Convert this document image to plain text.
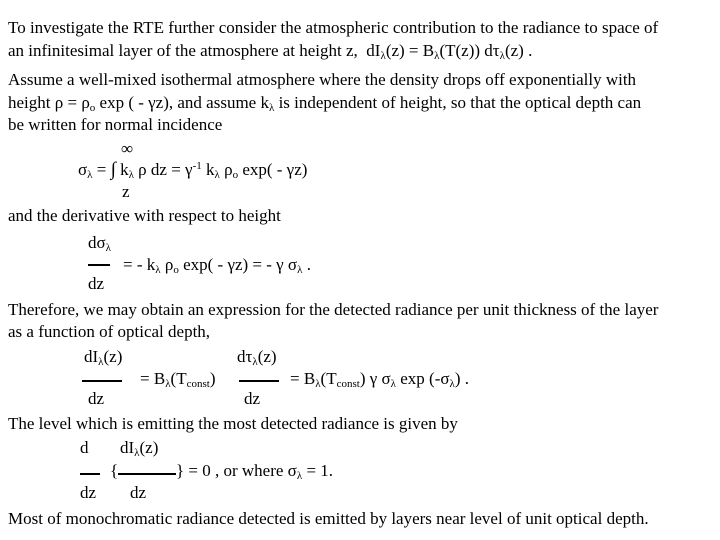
To investigate the RTE further consider the atmospheric contribution to the radiance to space of
an infinitesimal layer of the atmosphere at height z, $dI_\lambda(z) = B_\lambda(T(z))$ $d\tau_\lambda(z)$ .
Assume a well-mixed isothermal atmosphere where the density drops off exponentially with
height $\rho = \rho_o$ exp ( - γz), and assume $k_\lambda$ is independent of height, so that the optical depth can
be written for normal incidence
∞
$\sigma_\lambda$ = ∫ $k_\lambda$ ρ dz = $\gamma^{-1}$ $k_\lambda$ $\rho_o$ exp( - γz)
z
and the derivative with respect to height
$d\sigma_\lambda$
= - $k_\lambda$ $\rho_o$ exp( - γz) = - γ $\sigma_\lambda$ .
dz
Therefore, we may obtain an expression for the detected radiance per unit thickness of the layer
as a function of optical depth,
$dI_\lambda(z)$
dz
= $B_\lambda(T_{const})$
$d\tau_\lambda(z)$
dz
= $B_\lambda(T_{const})$ γ $\sigma_\lambda$ $\exp (-\sigma_\lambda)$ .
The level which is emitting the most detected radiance is given by
d
dz
{
$dI_\lambda(z)$
dz
} = 0 , or where $\sigma_\lambda = 1$.
Most of monochromatic radiance detected is emitted by layers near level of unit optical depth.
